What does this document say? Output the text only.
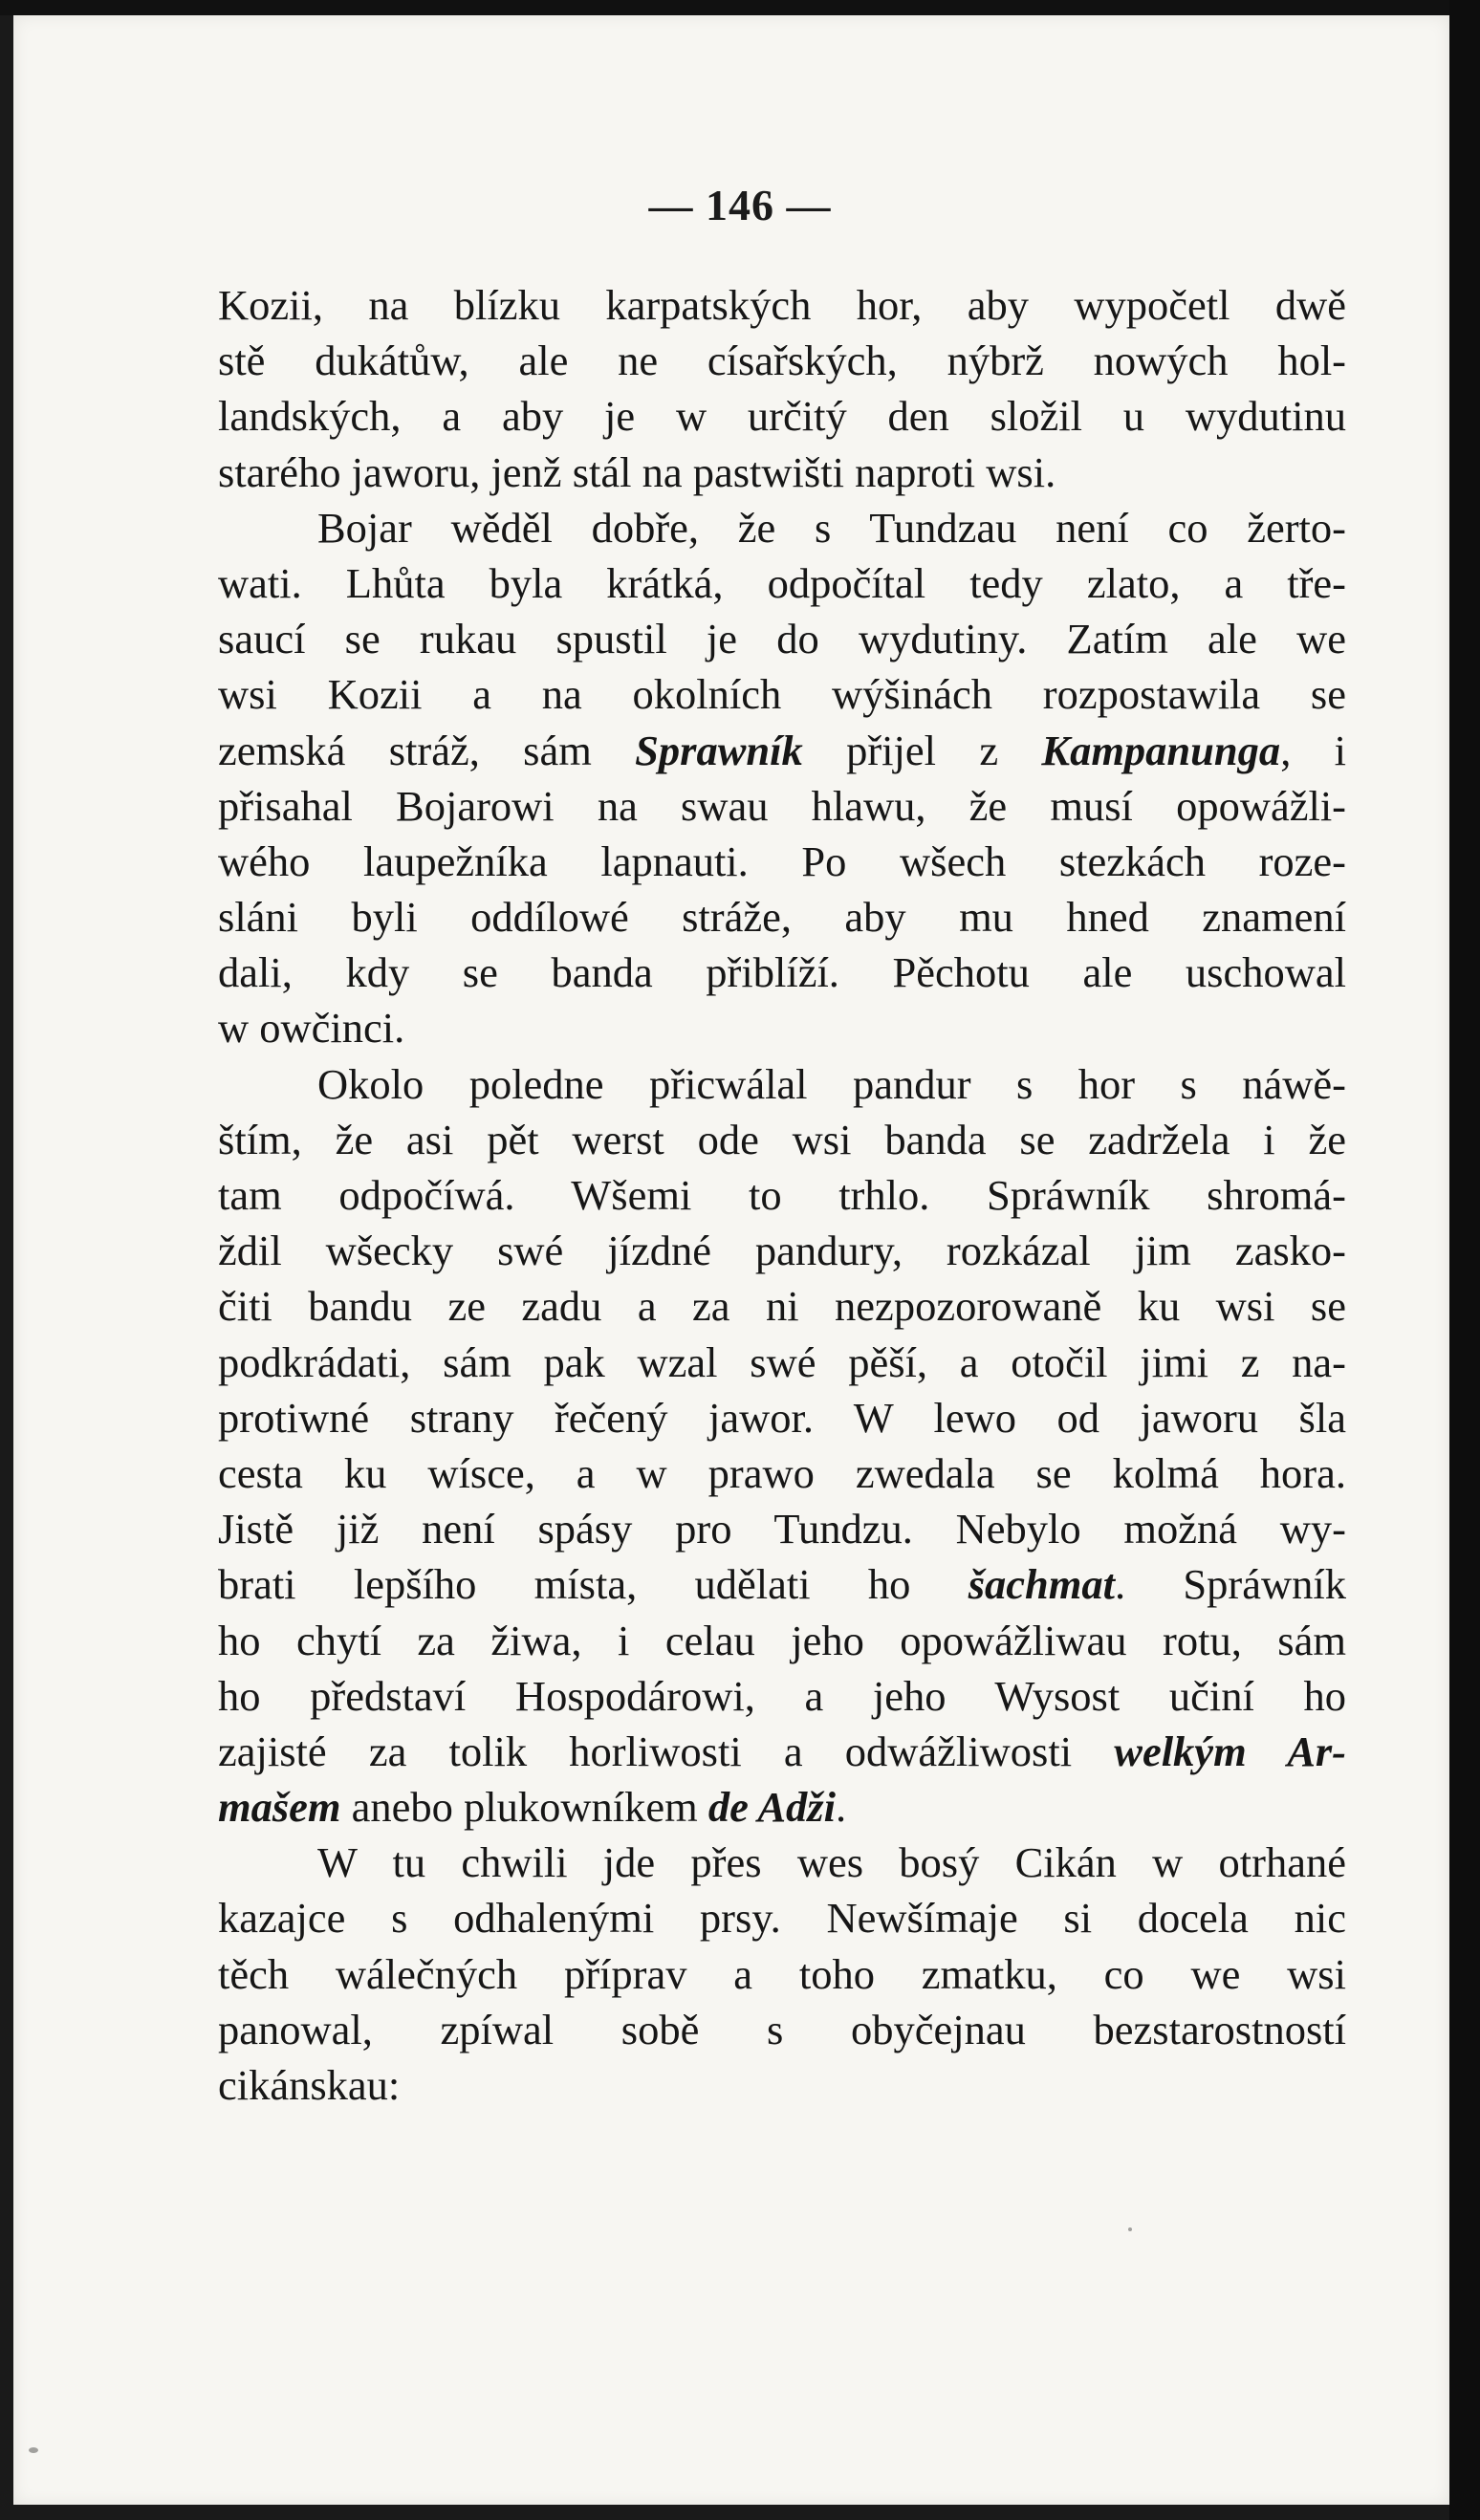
— 146 —
Kozii, na blízku karpatských hor, aby wypočetl dwě
stě dukátůw, ale ne císařských, nýbrž nowých hol-
landských, a aby je w určitý den složil u wydutinu
starého jaworu, jenž stál na pastwišti naproti wsi.
Bojar wěděl dobře, že s Tundzau není co žerto-
wati. Lhůta byla krátká, odpočítal tedy zlato, a tře-
saucí se rukau spustil je do wydutiny. Zatím ale we
wsi Kozii a na okolních wýšinách rozpostawila se
zemská stráž, sám Sprawník přijel z Kampanunga, i
přisahal Bojarowi na swau hlawu, že musí opowážli-
wého laupežníka lapnauti. Po wšech stezkách roze-
sláni byli oddílowé stráže, aby mu hned znamení
dali, kdy se banda přiblíží. Pěchotu ale uschowal
w owčinci.
Okolo poledne přicwálal pandur s hor s náwě-
štím, že asi pět werst ode wsi banda se zadržela i že
tam odpočíwá. Wšemi to trhlo. Spráwník shromá-
ždil wšecky swé jízdné pandury, rozkázal jim zasko-
čiti bandu ze zadu a za ni nezpozorowaně ku wsi se
podkrádati, sám pak wzal swé pěší, a otočil jimi z na-
protiwné strany řečený jawor. W lewo od jaworu šla
cesta ku wísce, a w prawo zwedala se kolmá hora.
Jistě již není spásy pro Tundzu. Nebylo možná wy-
brati lepšího místa, udělati ho šachmat. Spráwník
ho chytí za žiwa, i celau jeho opowážliwau rotu, sám
ho představí Hospodárowi, a jeho Wysost učiní ho
zajisté za tolik horliwosti a odwážliwosti welkým Ar-
mašem anebo plukowníkem de Adži.
W tu chwili jde přes wes bosý Cikán w otrhané
kazajce s odhalenými prsy. Newšímaje si docela nic
těch wálečných příprav a toho zmatku, co we wsi
panowal, zpíwal sobě s obyčejnau bezstarostností
cikánskau:
